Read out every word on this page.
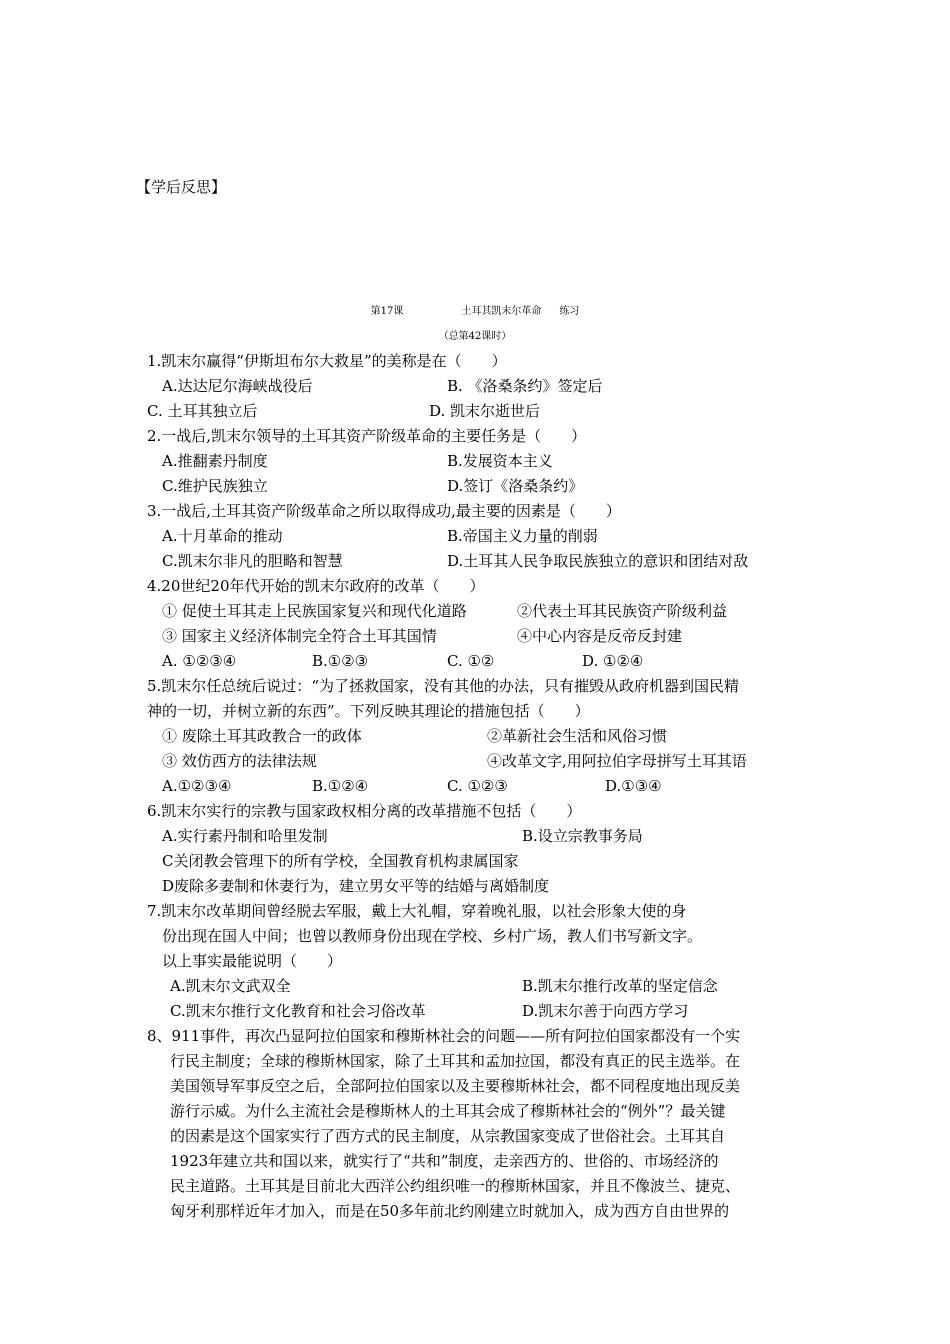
【学后反思】
第17课	土耳其凯末尔革命 练习
（总第42课时）
1.凯末尔赢得“伊斯坦布尔大救星”的美称是在（　　）
A.达达尼尔海峡战役后	B. 《洛桑条约》签定后
C. 土耳其独立后	D. 凯末尔逝世后
2.一战后,凯末尔领导的土耳其资产阶级革命的主要任务是（　　）
A.推翻素丹制度	B.发展资本主义
C.维护民族独立	D.签订《洛桑条约》
3.一战后,土耳其资产阶级革命之所以取得成功,最主要的因素是（　　）
A.十月革命的推动	B.帝国主义力量的削弱
C.凯末尔非凡的胆略和智慧	D.土耳其人民争取民族独立的意识和团结对敌
4.20世纪20年代开始的凯末尔政府的改革（　　）
① 促使土耳其走上民族国家复兴和现代化道路	②代表土耳其民族资产阶级利益
③ 国家主义经济体制完全符合土耳其国情	④中心内容是反帝反封建
A. ①②③④	B.①②③	C. ①②	D. ①②④
5.凯末尔任总统后说过：“为了拯救国家，没有其他的办法，只有摧毁从政府机器到国民精
神的一切，并树立新的东西”。下列反映其理论的措施包括（　　）
① 废除土耳其政教合一的政体	②革新社会生活和风俗习惯
③ 效仿西方的法律法规	④改革文字,用阿拉伯字母拼写土耳其语
A.①②③④	B.①②④	C. ①②③	D.①③④
6.凯末尔实行的宗教与国家政权相分离的改革措施不包括（　　）
A.实行素丹制和哈里发制	B.设立宗教事务局
C关闭教会管理下的所有学校，全国教育机构隶属国家
D废除多妻制和休妻行为，建立男女平等的结婚与离婚制度
7.凯末尔改革期间曾经脱去军服，戴上大礼帽，穿着晚礼服，以社会形象大使的身
份出现在国人中间；也曾以教师身份出现在学校、乡村广场，教人们书写新文字。
以上事实最能说明（　　）
A.凯末尔文武双全	B.凯末尔推行改革的坚定信念
C.凯末尔推行文化教育和社会习俗改革	D.凯末尔善于向西方学习
8、911事件，再次凸显阿拉伯国家和穆斯林社会的问题——所有阿拉伯国家都没有一个实
行民主制度；全球的穆斯林国家，除了土耳其和孟加拉国，都没有真正的民主选举。在
美国领导军事反空之后，全部阿拉伯国家以及主要穆斯林社会，都不同程度地出现反美
游行示威。为什么主流社会是穆斯林人的土耳其会成了穆斯林社会的“例外”？最关键
的因素是这个国家实行了西方式的民主制度，从宗教国家变成了世俗社会。土耳其自
1923年建立共和国以来，就实行了“共和”制度，走亲西方的、世俗的、市场经济的
民主道路。土耳其是目前北大西洋公约组织唯一的穆斯林国家，并且不像波兰、捷克、
匈牙利那样近年才加入，而是在50多年前北约刚建立时就加入，成为西方自由世界的
